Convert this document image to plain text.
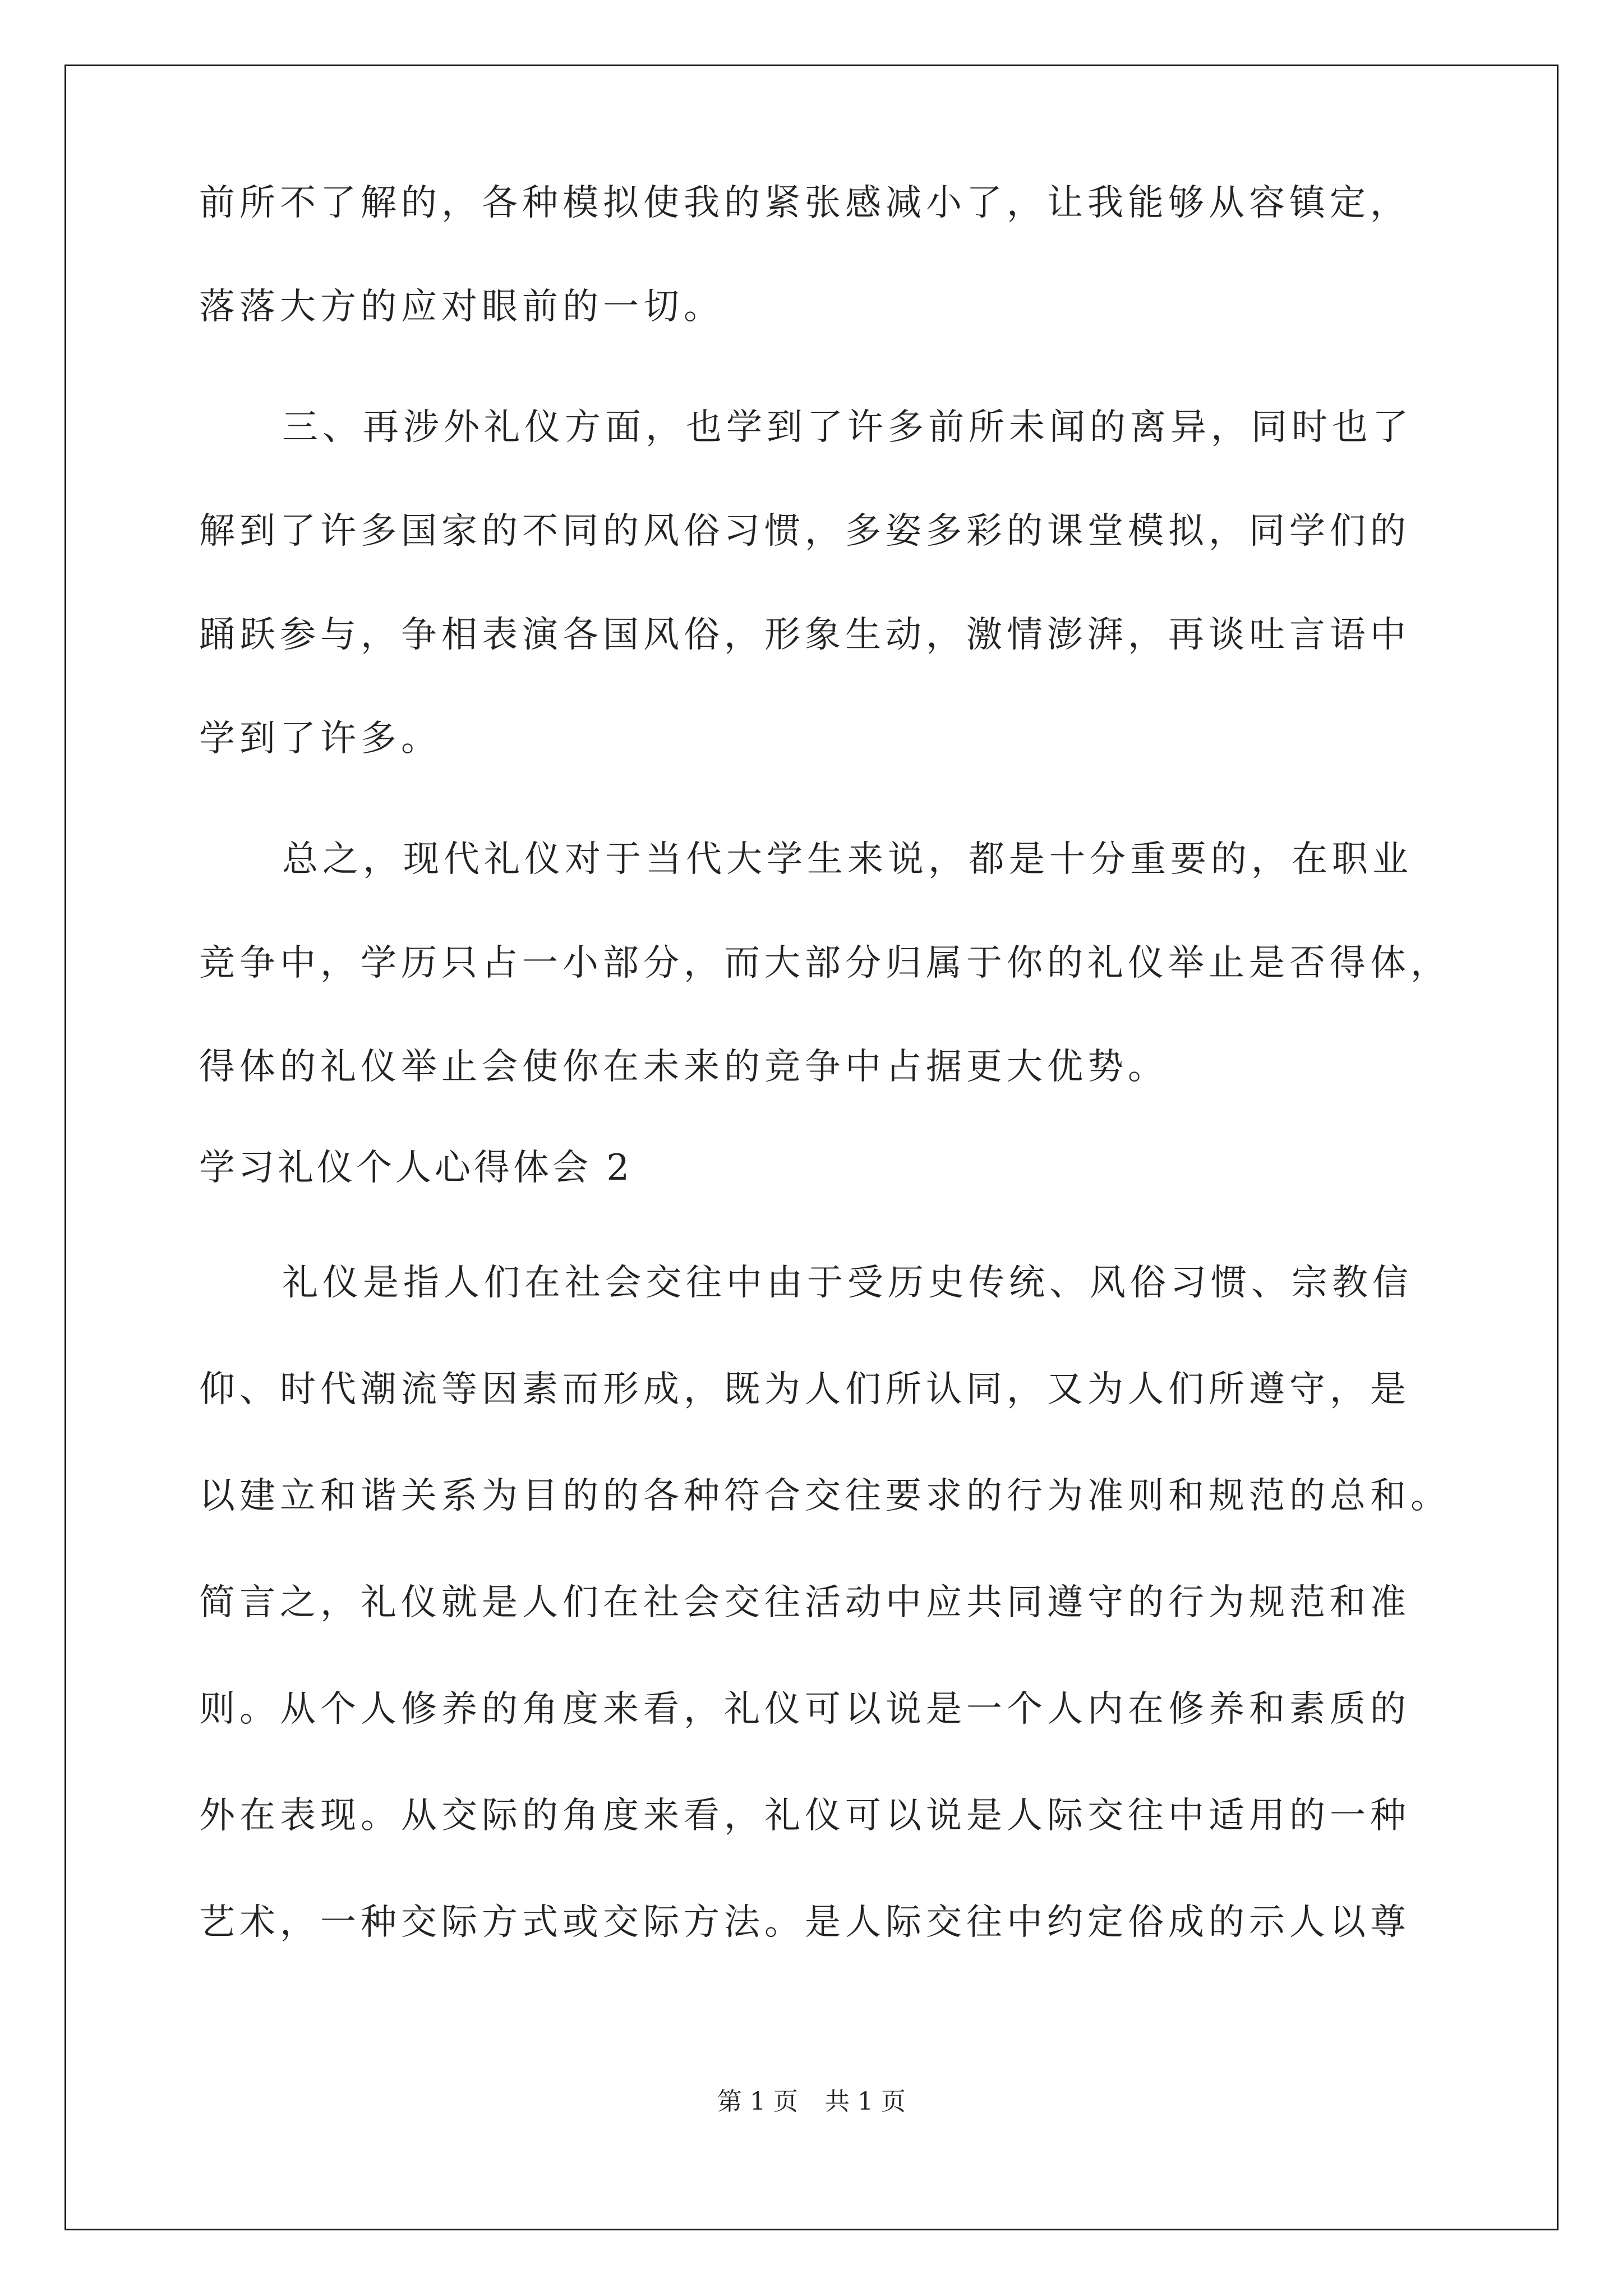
前所不了解的，各种模拟使我的紧张感减小了，让我能够从容镇定，
落落大方的应对眼前的一切。
三、再涉外礼仪方面，也学到了许多前所未闻的离异，同时也了
解到了许多国家的不同的风俗习惯，多姿多彩的课堂模拟，同学们的
踊跃参与，争相表演各国风俗，形象生动，激情澎湃，再谈吐言语中
学到了许多。
总之，现代礼仪对于当代大学生来说，都是十分重要的，在职业
竞争中，学历只占一小部分，而大部分归属于你的礼仪举止是否得体，
得体的礼仪举止会使你在未来的竞争中占据更大优势。
学习礼仪个人心得体会 2
礼仪是指人们在社会交往中由于受历史传统、风俗习惯、宗教信
仰、时代潮流等因素而形成，既为人们所认同，又为人们所遵守，是
以建立和谐关系为目的的各种符合交往要求的行为准则和规范的总和。
简言之，礼仪就是人们在社会交往活动中应共同遵守的行为规范和准
则。从个人修养的角度来看，礼仪可以说是一个人内在修养和素质的
外在表现。从交际的角度来看，礼仪可以说是人际交往中适用的一种
艺术，一种交际方式或交际方法。是人际交往中约定俗成的示人以尊
第 1 页 共 1 页
